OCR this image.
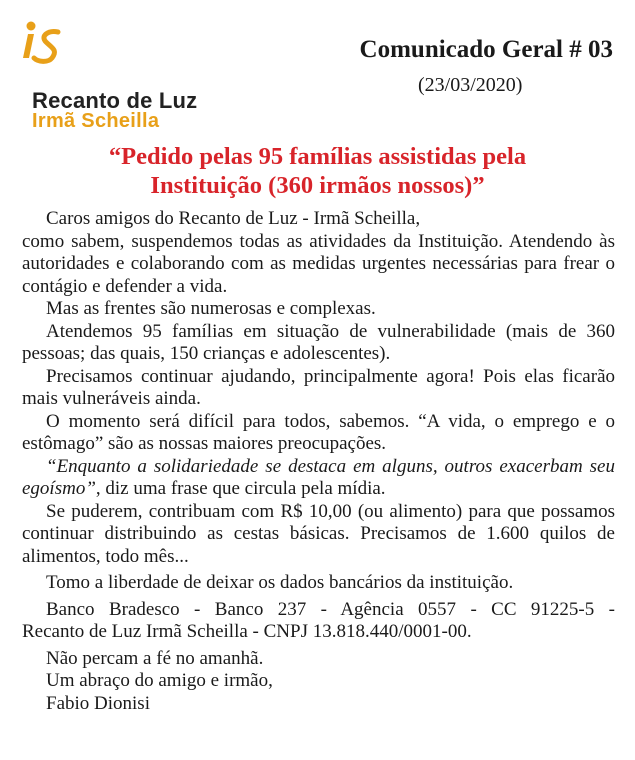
Recanto de Luz
Irmã Scheilla
Comunicado Geral # 03
(23/03/2020)
“Pedido pelas 95 famílias assistidas pela
Instituição (360 irmãos nossos)”

Caros amigos do Recanto de Luz - Irmã Scheilla,

como sabem, suspendemos todas as atividades da Instituição. Atendendo às autoridades e colaborando com as medidas urgentes necessárias para frear o contágio e defender a vida.

Mas as frentes são numerosas e complexas.

Atendemos 95 famílias em situação de vulnerabilidade (mais de 360 pessoas; das quais, 150 crianças e adolescentes).

Precisamos continuar ajudando, principalmente agora! Pois elas ficarão mais vulneráveis ainda.

O momento será difícil para todos, sabemos. “A vida, o emprego e o estômago” são as nossas maiores preocupações.

“Enquanto a solidariedade se destaca em alguns, outros exacerbam seu egoísmo”, diz uma frase que circula pela mídia.

Se puderem, contribuam com R$ 10,00 (ou alimento) para que possamos continuar distribuindo as cestas básicas. Precisamos de 1.600 quilos de alimentos, todo mês...

Tomo a liberdade de deixar os dados bancários da instituição.

Banco Bradesco - Banco 237 - Agência 0557 - CC 91225-5 -

Recanto de Luz Irmã Scheilla - CNPJ 13.818.440/0001-00.

Não percam a fé no amanhã.

Um abraço do amigo e irmão,

Fabio Dionisi
